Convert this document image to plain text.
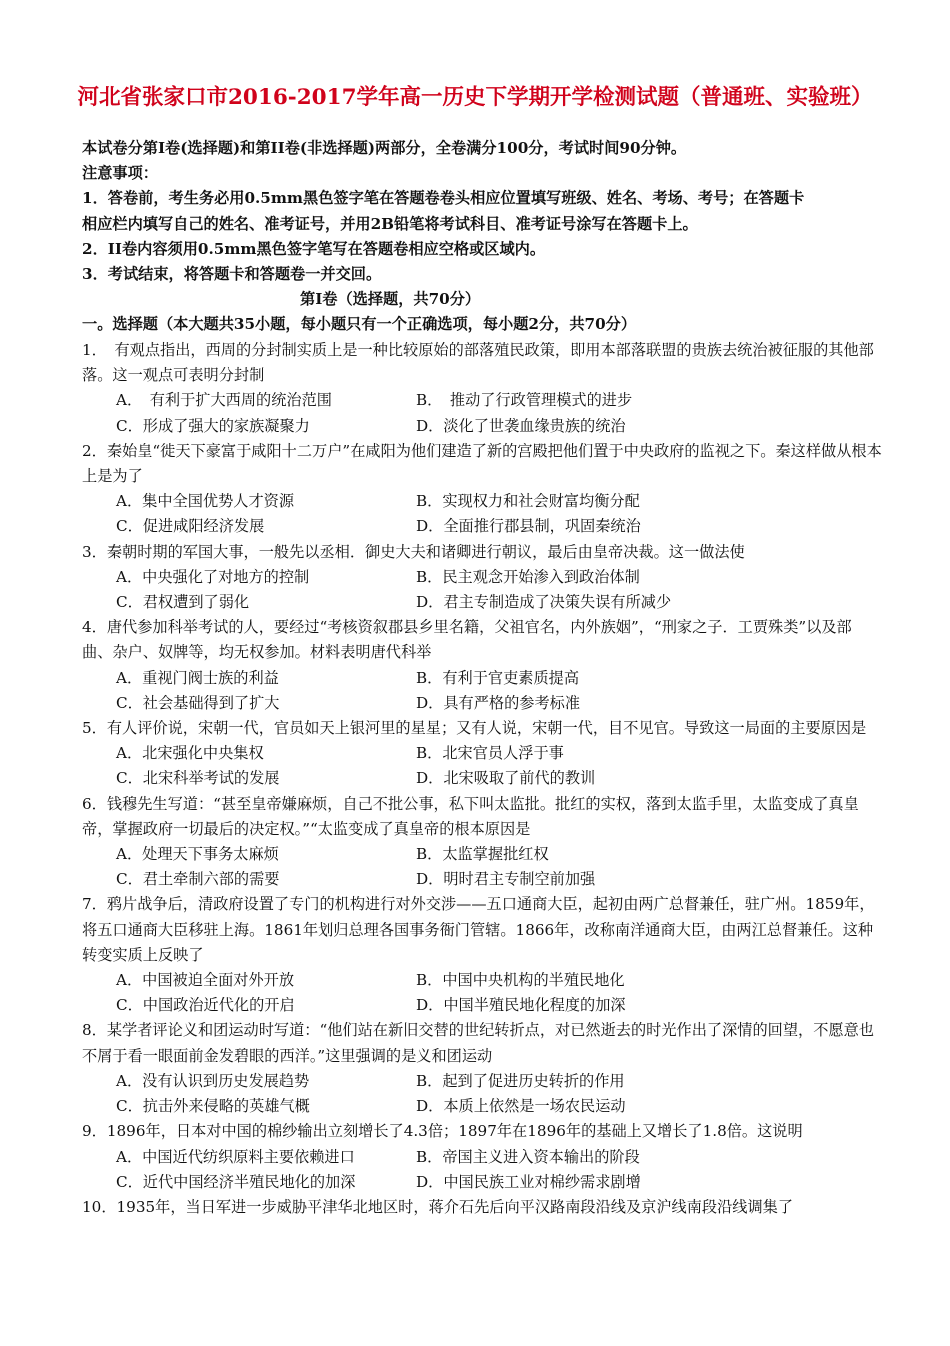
河北省张家口市2016-2017学年高一历史下学期开学检测试题（普通班、实验班）

本试卷分第Ⅰ卷(选择题)和第II卷(非选择题)两部分，全卷满分100分，考试时间90分钟。

注意事项：

1．答卷前，考生务必用0.5mm黑色签字笔在答题卷卷头相应位置填写班级、姓名、考场、考号；在答题卡

相应栏内填写自己的姓名、准考证号，并用2B铅笔将考试科目、准考证号涂写在答题卡上。

2．II卷内容须用0.5mm黑色签字笔写在答题卷相应空格或区域内。

3．考试结束，将答题卡和答题卷一并交回。

第Ⅰ卷（选择题，共70分）

一。选择题（本大题共35小题，每小题只有一个正确选项，每小题2分，共70分）

1．　有观点指出，西周的分封制实质上是一种比较原始的部落殖民政策，即用本部落联盟的贵族去统治被征服的其他部落。这一观点可表明分封制

A．　有利于扩大西周的统治范围	B．　推动了行政管理模式的进步
C．形成了强大的家族凝聚力	D．淡化了世袭血缘贵族的统治

2．秦始皇“徙天下豪富于咸阳十二万户”在咸阳为他们建造了新的宫殿把他们置于中央政府的监视之下。秦这样做从根本上是为了

A．集中全国优势人才资源	B．实现权力和社会财富均衡分配
C．促进咸阳经济发展	D．全面推行郡县制，巩固秦统治

3．秦朝时期的军国大事，一般先以丞相．御史大夫和诸卿进行朝议，最后由皇帝决裁。这一做法使

A．中央强化了对地方的控制	B．民主观念开始渗入到政治体制
C．君权遭到了弱化	D．君主专制造成了决策失误有所减少

4．唐代参加科举考试的人，要经过“考核资叙郡县乡里名籍，父祖官名，内外族姻”，“刑家之子．工贾殊类”以及部曲、杂户、奴牌等，均无权参加。材料表明唐代科举

A．重视门阀士族的利益	B．有利于官吏素质提高
C．社会基础得到了扩大	D．具有严格的参考标准

5．有人评价说，宋朝一代，官员如天上银河里的星星；又有人说，宋朝一代，目不见官。导致这一局面的主要原因是

A．北宋强化中央集权	B．北宋官员人浮于事
C．北宋科举考试的发展	D．北宋吸取了前代的教训

6．钱穆先生写道：“甚至皇帝嫌麻烦，自己不批公事，私下叫太监批。批红的实权，落到太监手里，太监变成了真皇帝，掌握政府一切最后的决定权。”“太监变成了真皇帝的根本原因是

A．处理天下事务太麻烦	B．太监掌握批红权
C．君土牵制六部的需要	D．明时君主专制空前加强

7．鸦片战争后，清政府设置了专门的机构进行对外交涉——五口通商大臣，起初由两广总督兼任，驻广州。1859年，将五口通商大臣移驻上海。1861年划归总理各国事务衙门管辖。1866年，改称南洋通商大臣，由两江总督兼任。这种转变实质上反映了

A．中国被迫全面对外开放	B．中国中央机构的半殖民地化
C．中国政治近代化的开启	D．中国半殖民地化程度的加深

8．某学者评论义和团运动时写道：“他们站在新旧交替的世纪转折点，对已然逝去的时光作出了深情的回望，不愿意也不屑于看一眼面前金发碧眼的西洋。”这里强调的是义和团运动

A．没有认识到历史发展趋势	B．起到了促进历史转折的作用
C．抗击外来侵略的英雄气概	D．本质上依然是一场农民运动

9．1896年，日本对中国的棉纱输出立刻增长了4.3倍；1897年在1896年的基础上又增长了1.8倍。这说明

A．中国近代纺织原料主要依赖进口	B．帝国主义进入资本输出的阶段
C．近代中国经济半殖民地化的加深	D．中国民族工业对棉纱需求剧增

10．1935年，当日军进一步威胁平津华北地区时，蒋介石先后向平汉路南段沿线及京沪线南段沿线调集了
